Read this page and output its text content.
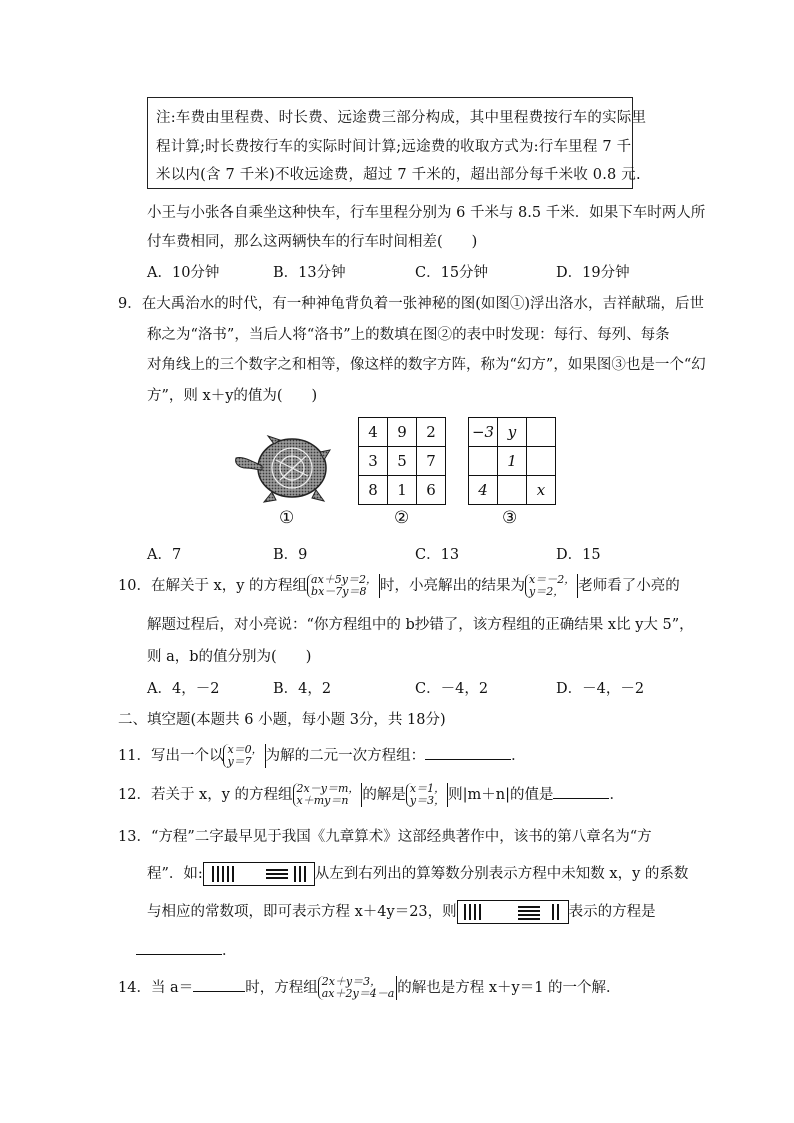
注:车费由里程费、时长费、远途费三部分构成，其中里程费按行车的实际里
程计算;时长费按行车的实际时间计算;远途费的收取方式为:行车里程 7 千
米以内(含 7 千米)不收远途费，超过 7 千米的，超出部分每千米收 0.8 元.
小王与小张各自乘坐这种快车，行车里程分别为 6 千米与 8.5 千米．如果下车时两人所
付车费相同，那么这两辆快车的行车时间相差(　　)
A．10分钟	B．13分钟	C．15分钟	D．19分钟
9．在大禹治水的时代，有一种神龟背负着一张神秘的图(如图①)浮出洛水，吉祥献瑞，后世
称之为“洛书”，当后人将“洛书”上的数填在图②的表中时发现：每行、每列、每条
对角线上的三个数字之和相等，像这样的数字方阵，称为“幻方”，如果图③也是一个“幻
方”，则 x＋y的值为(　　)
4	9	2
3	5	7
8	1	6
−3	y	
	1	
4		x
①	②	③
A．7	B．9	C．13	D．15
10．在解关于 x，y 的方程组 ax＋5y＝2，
bx－7y＝8 时，小亮解出的结果为 x＝－2，
y＝2， 老师看了小亮的
解题过程后，对小亮说：“你方程组中的 b抄错了，该方程组的正确结果 x比 y大 5”，
则 a，b的值分别为(　　)
A．4，－2	B．4，2	C．－4，2	D．－4，－2
二、填空题(本题共 6 小题，每小题 3分，共 18分)
11．写出一个以 x＝0，
y＝7 为解的二元一次方程组：	．
12．若关于 x，y 的方程组 2x－y＝m，
x＋my＝n 的解是 x＝1，
y＝3， 则|m＋n|的值是	．
13．“方程”二字最早见于我国《九章算术》这部经典著作中，该书的第八章名为“方
程”．如:	从左到右列出的算筹数分别表示方程中未知数 x，y 的系数
与相应的常数项，即可表示方程 x＋4y＝23，则	表示的方程是
．
14．当 a＝	时，方程组 2x＋y＝3，
ax＋2y＝4－a 的解也是方程 x＋y＝1 的一个解．
